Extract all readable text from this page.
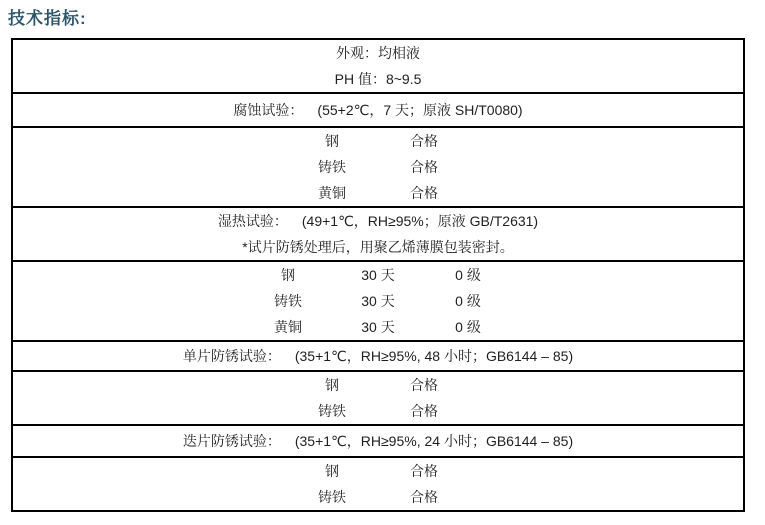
技术指标:
外观：均相液
PH 值：8~9.5
腐蚀试验： (55+2℃，7 天；原液 SH/T0080)
钢	合格
铸铁	合格
黄铜	合格
湿热试验： (49+1℃，RH≥95%；原液 GB/T2631)
*试片防锈处理后，用聚乙烯薄膜包装密封。
钢	30 天	0 级
铸铁	30 天	0 级
黄铜	30 天	0 级
单片防锈试验： (35+1℃，RH≥95%, 48 小时；GB6144 – 85)
钢	合格
铸铁	合格
迭片防锈试验： (35+1℃，RH≥95%, 24 小时；GB6144 – 85)
钢	合格
铸铁	合格
